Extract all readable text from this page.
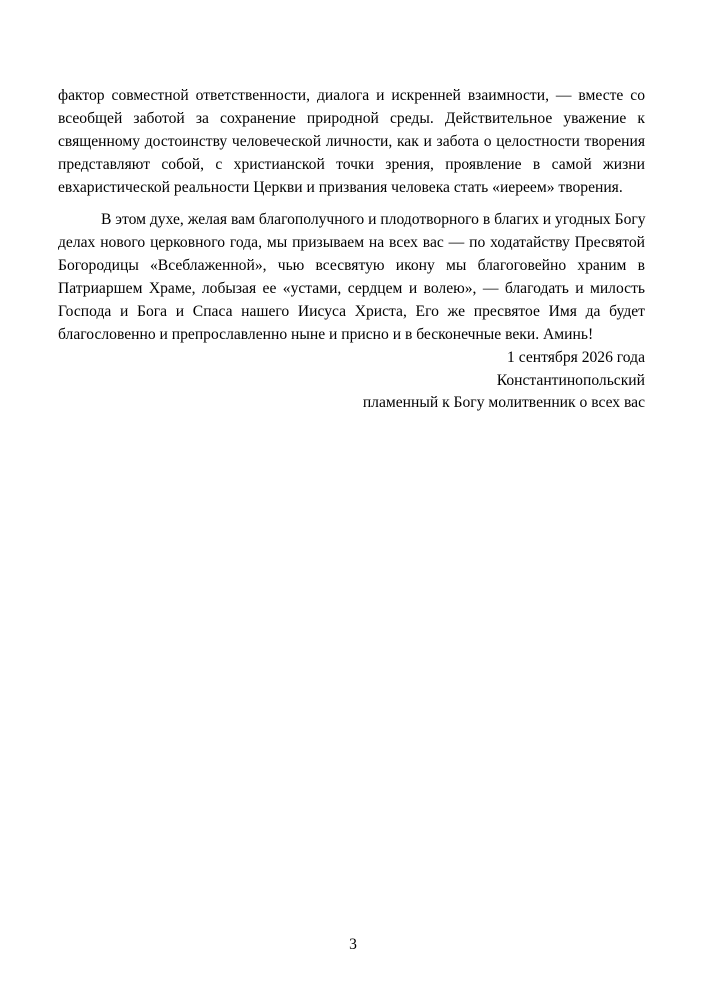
фактор совместной ответственности, диалога и искренней взаимности, — вместе со
всеобщей заботой за сохранение природной среды. Действительное уважение к
священному достоинству человеческой личности, как и забота о целостности творения
представляют собой, с христианской точки зрения, проявление в самой жизни
евхаристической реальности Церкви и призвания человека стать «иереем» творения.
В этом духе, желая вам благополучного и плодотворного в благих и угодных Богу
делах нового церковного года, мы призываем на всех вас — по ходатайству Пресвятой
Богородицы «Всеблаженной», чью всесвятую икону мы благоговейно храним в
Патриаршем Храме, лобызая ее «устами, сердцем и волею», — благодать и милость
Господа и Бога и Спаса нашего Иисуса Христа, Его же пресвятое Имя да будет
благословенно и препрославленно ныне и присно и в бесконечные веки. Аминь!
1 сентября 2026 года
Константинопольский
пламенный к Богу молитвенник о всех вас
3
